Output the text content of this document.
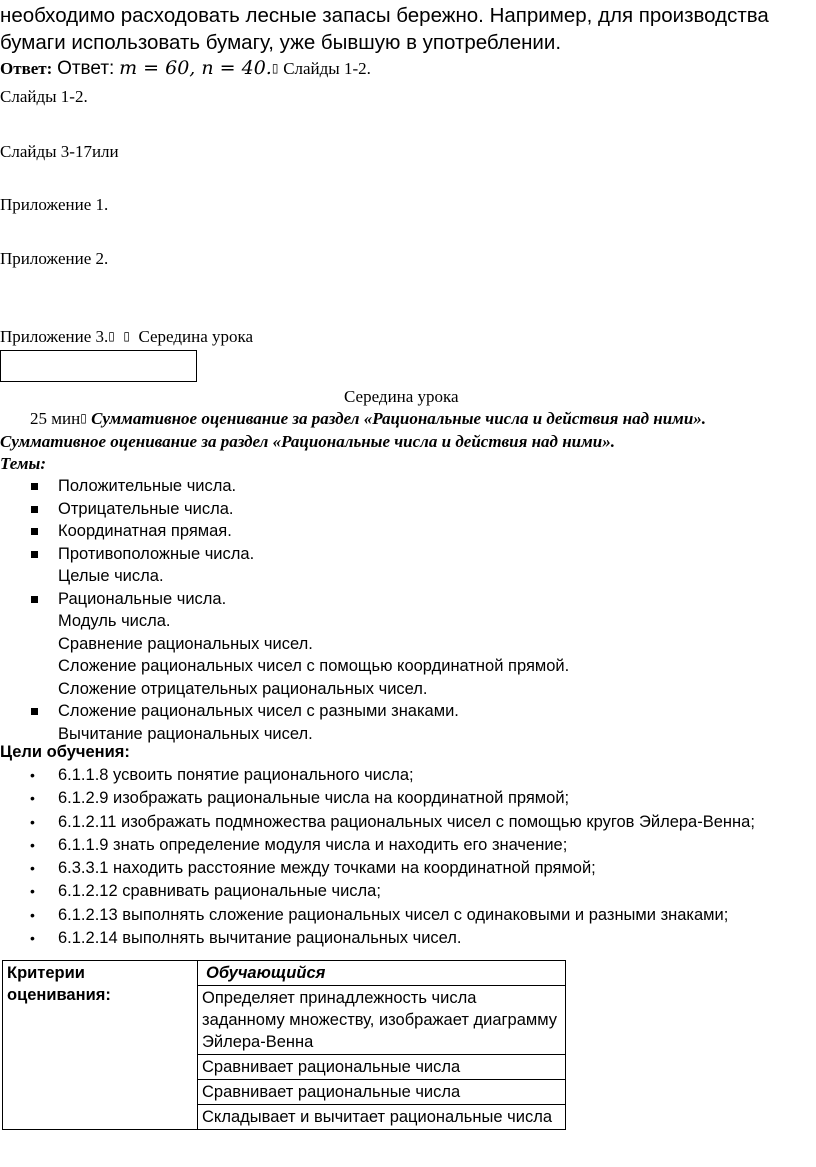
необходимо расходовать лесные запасы бережно. Например, для производства
бумаги использовать бумагу, уже бывшую в употреблении.
Ответ: Ответ: m = 60, n = 40.▯ Слайды 1-2.
Слайды 1-2.
Слайды 3-17или
Приложение 1.
Приложение 2.
Приложение 3.▯ ▯ Середина урока
Середина урока
25 мин▯ Суммативное оценивание за раздел «Рациональные числа и действия над ними».
Суммативное оценивание за раздел «Рациональные числа и действия над ними».
Темы:
Положительные числа.
Отрицательные числа.
Координатная прямая.
Противоположные числа.
Целые числа.
Рациональные числа.
Модуль числа.
Сравнение рациональных чисел.
Сложение рациональных чисел с помощью координатной прямой.
Сложение отрицательных рациональных чисел.
Сложение рациональных чисел с разными знаками.
Вычитание рациональных чисел.
Цели обучения:
• 6.1.1.8 усвоить понятие рационального числа;
• 6.1.2.9 изображать рациональные числа на координатной прямой;
• 6.1.2.11 изображать подмножества рациональных чисел с помощью кругов Эйлера-Венна;
• 6.1.1.9 знать определение модуля числа и находить его значение;
• 6.3.3.1 находить расстояние между точками на координатной прямой;
• 6.1.2.12 сравнивать рациональные числа;
• 6.1.2.13 выполнять сложение рациональных чисел с одинаковыми и разными знаками;
• 6.1.2.14 выполнять вычитание рациональных чисел.
Критерии оценивания:	Обучающийся
Определяет принадлежность числа заданному множеству, изображает диаграмму Эйлера-Венна
Сравнивает рациональные числа
Сравнивает рациональные числа
Складывает и вычитает рациональные числа
